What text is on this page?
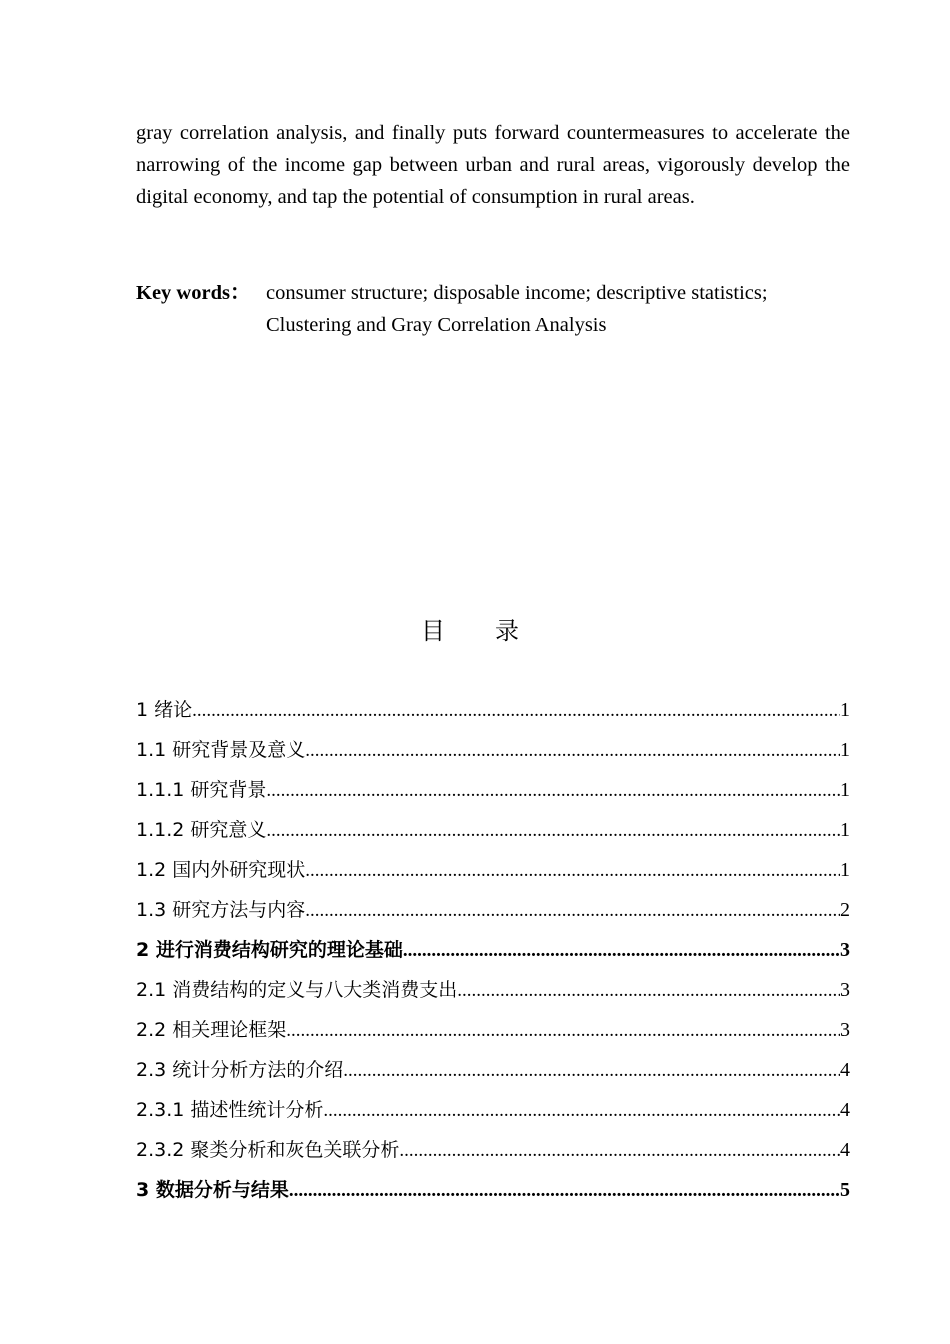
gray correlation analysis, and finally puts forward countermeasures to accelerate the narrowing of the income gap between urban and rural areas, vigorously develop the digital economy, and tap the potential of consumption in rural areas.

Key words： consumer structure; disposable income; descriptive statistics;
Clustering and Gray Correlation Analysis
目录
1 绪论 .....	1
1.1 研究背景及意义 .....	1
1.1.1 研究背景 .....	1
1.1.2 研究意义 .....	1
1.2 国内外研究现状 .....	1
1.3 研究方法与内容 .....	2
2 进行消费结构研究的理论基础 .....	3
2.1 消费结构的定义与八大类消费支出 .....	3
2.2 相关理论框架 .....	3
2.3 统计分析方法的介绍 .....	4
2.3.1 描述性统计分析 .....	4
2.3.2 聚类分析和灰色关联分析 .....	4
3 数据分析与结果 .....	5
